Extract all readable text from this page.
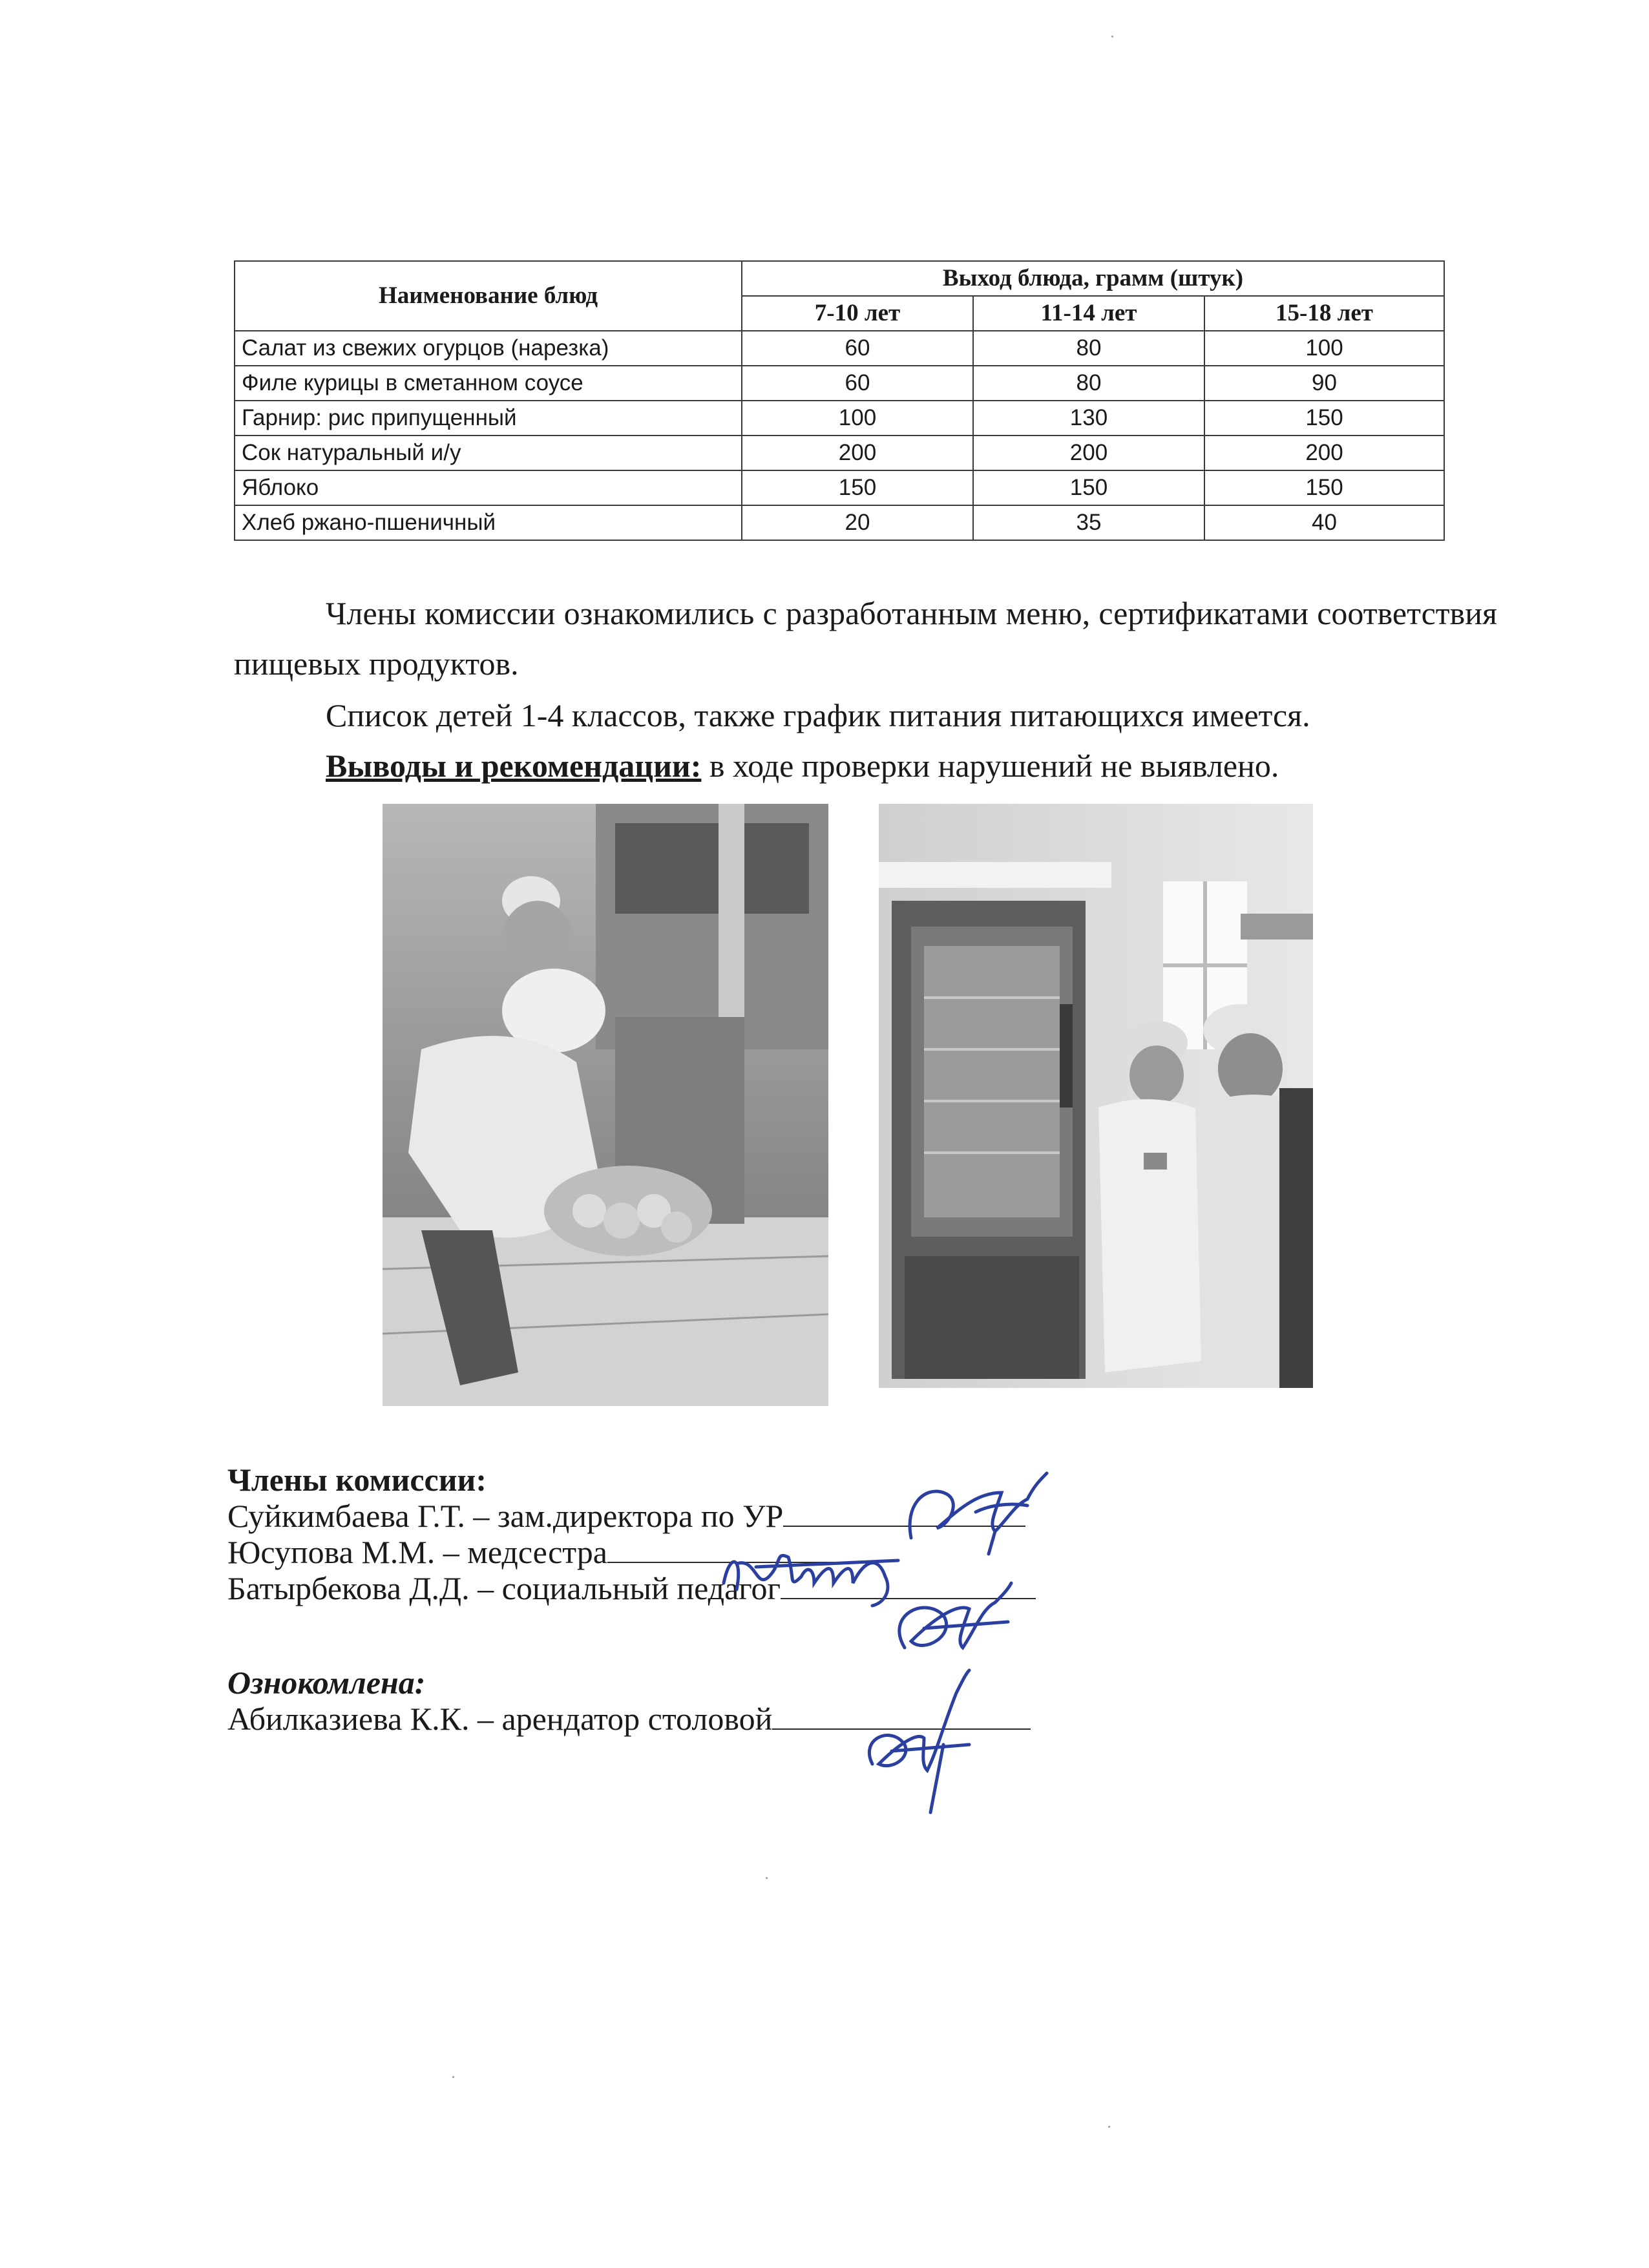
Наименование блюд	Выход блюда, грамм (штук)		
	7-10 лет	11-14 лет	15-18 лет
Салат из свежих огурцов (нарезка)	60	80	100
Филе курицы в сметанном соусе	60	80	90
Гарнир: рис припущенный	100	130	150
Сок натуральный и/у	200	200	200
Яблоко	150	150	150
Хлеб ржано-пшеничный	20	35	40
Члены комиссии ознакомились с разработанным меню, сертификатами соответствия пищевых продуктов.
Список детей 1-4 классов, также график питания питающихся имеется.
Выводы и рекомендации: в ходе проверки нарушений не выявлено.
Члены комиссии:
Суйкимбаева Г.Т. – зам.директора по УР
Юсупова М.М. – медсестра
Батырбекова Д.Д. – социальный педагог
Ознокомлена:
Абилказиева К.К. – арендатор столовой
